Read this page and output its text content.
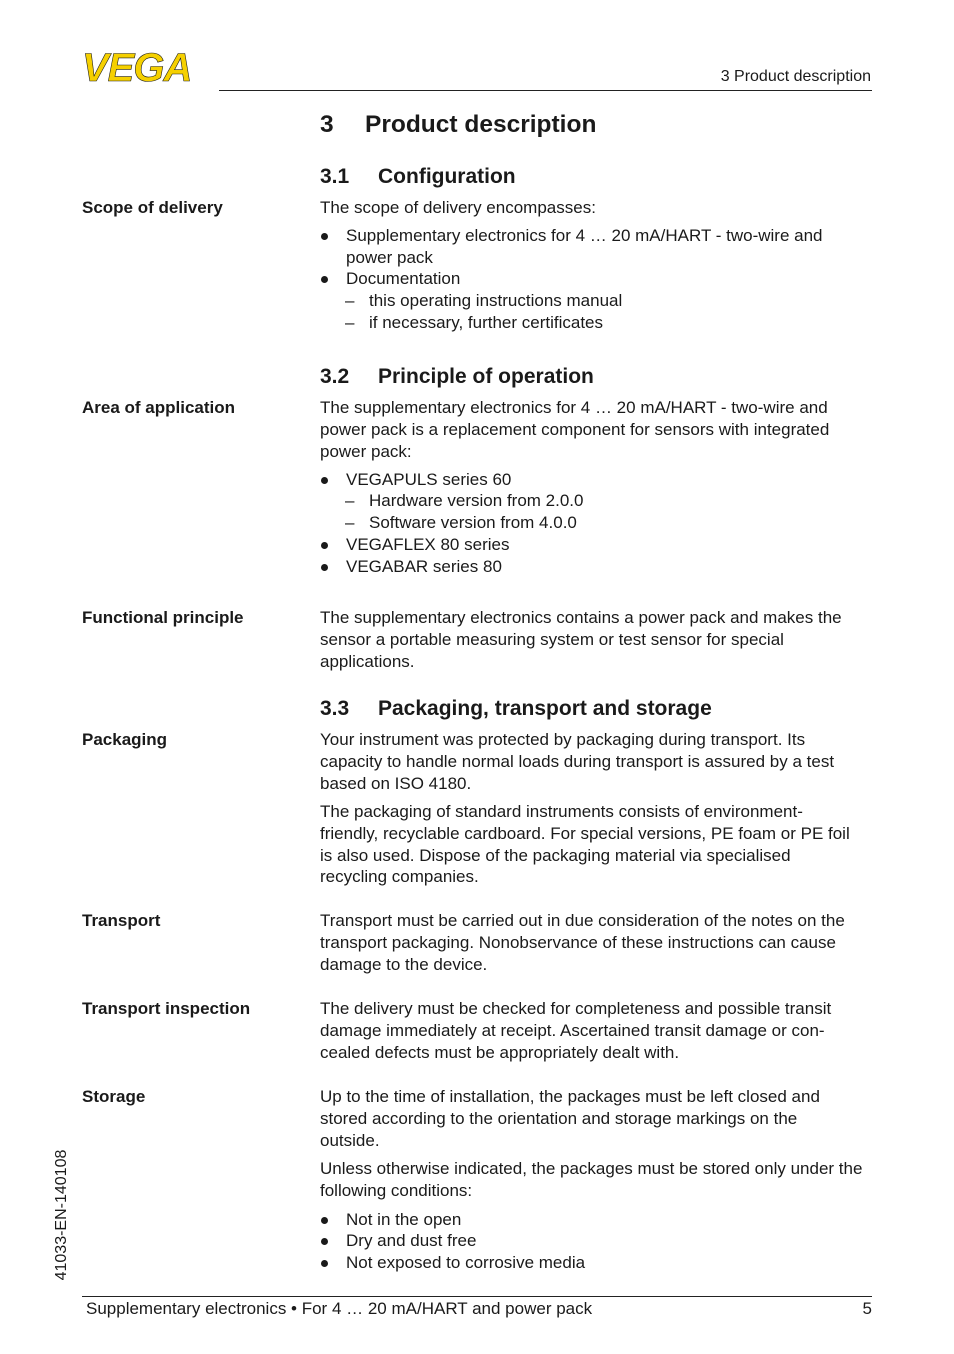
VEGA	3 Product description
3 Product description
3.1 Configuration
Scope of delivery	The scope of delivery encompasses:

Supplementary electronics for 4 … 20 mA/HART - two-wire and
power pack
Documentation
– this operating instructions manual
– if necessary, further certificates
3.2 Principle of operation
Area of application	The supplementary electronics for 4 … 20 mA/HART - two-wire and power pack is a replacement component for sensors with integrated power pack:

VEGAPULS series 60
– Hardware version from 2.0.0
– Software version from 4.0.0
VEGAFLEX 80 series
VEGABAR series 80
Functional principle	The supplementary electronics contains a power pack and makes the sensor a portable measuring system or test sensor for special applications.

3.3 Packaging, transport and storage
Packaging	Your instrument was protected by packaging during transport. Its capacity to handle normal loads during transport is assured by a test based on ISO 4180.

The packaging of standard instruments consists of environment-friendly, recyclable cardboard. For special versions, PE foam or PE foil is also used. Dispose of the packaging material via specialised recycling companies.

Transport	Transport must be carried out in due consideration of the notes on the transport packaging. Nonobservance of these instructions can cause damage to the device.

Transport inspection	The delivery must be checked for completeness and possible transit damage immediately at receipt. Ascertained transit damage or con-cealed defects must be appropriately dealt with.

Storage	Up to the time of installation, the packages must be left closed and stored according to the orientation and storage markings on the outside.

Unless otherwise indicated, the packages must be stored only under the following conditions:

Not in the open
Dry and dust free
Not exposed to corrosive media
41033-EN-140108
Supplementary electronics • For 4 … 20 mA/HART and power pack	5
